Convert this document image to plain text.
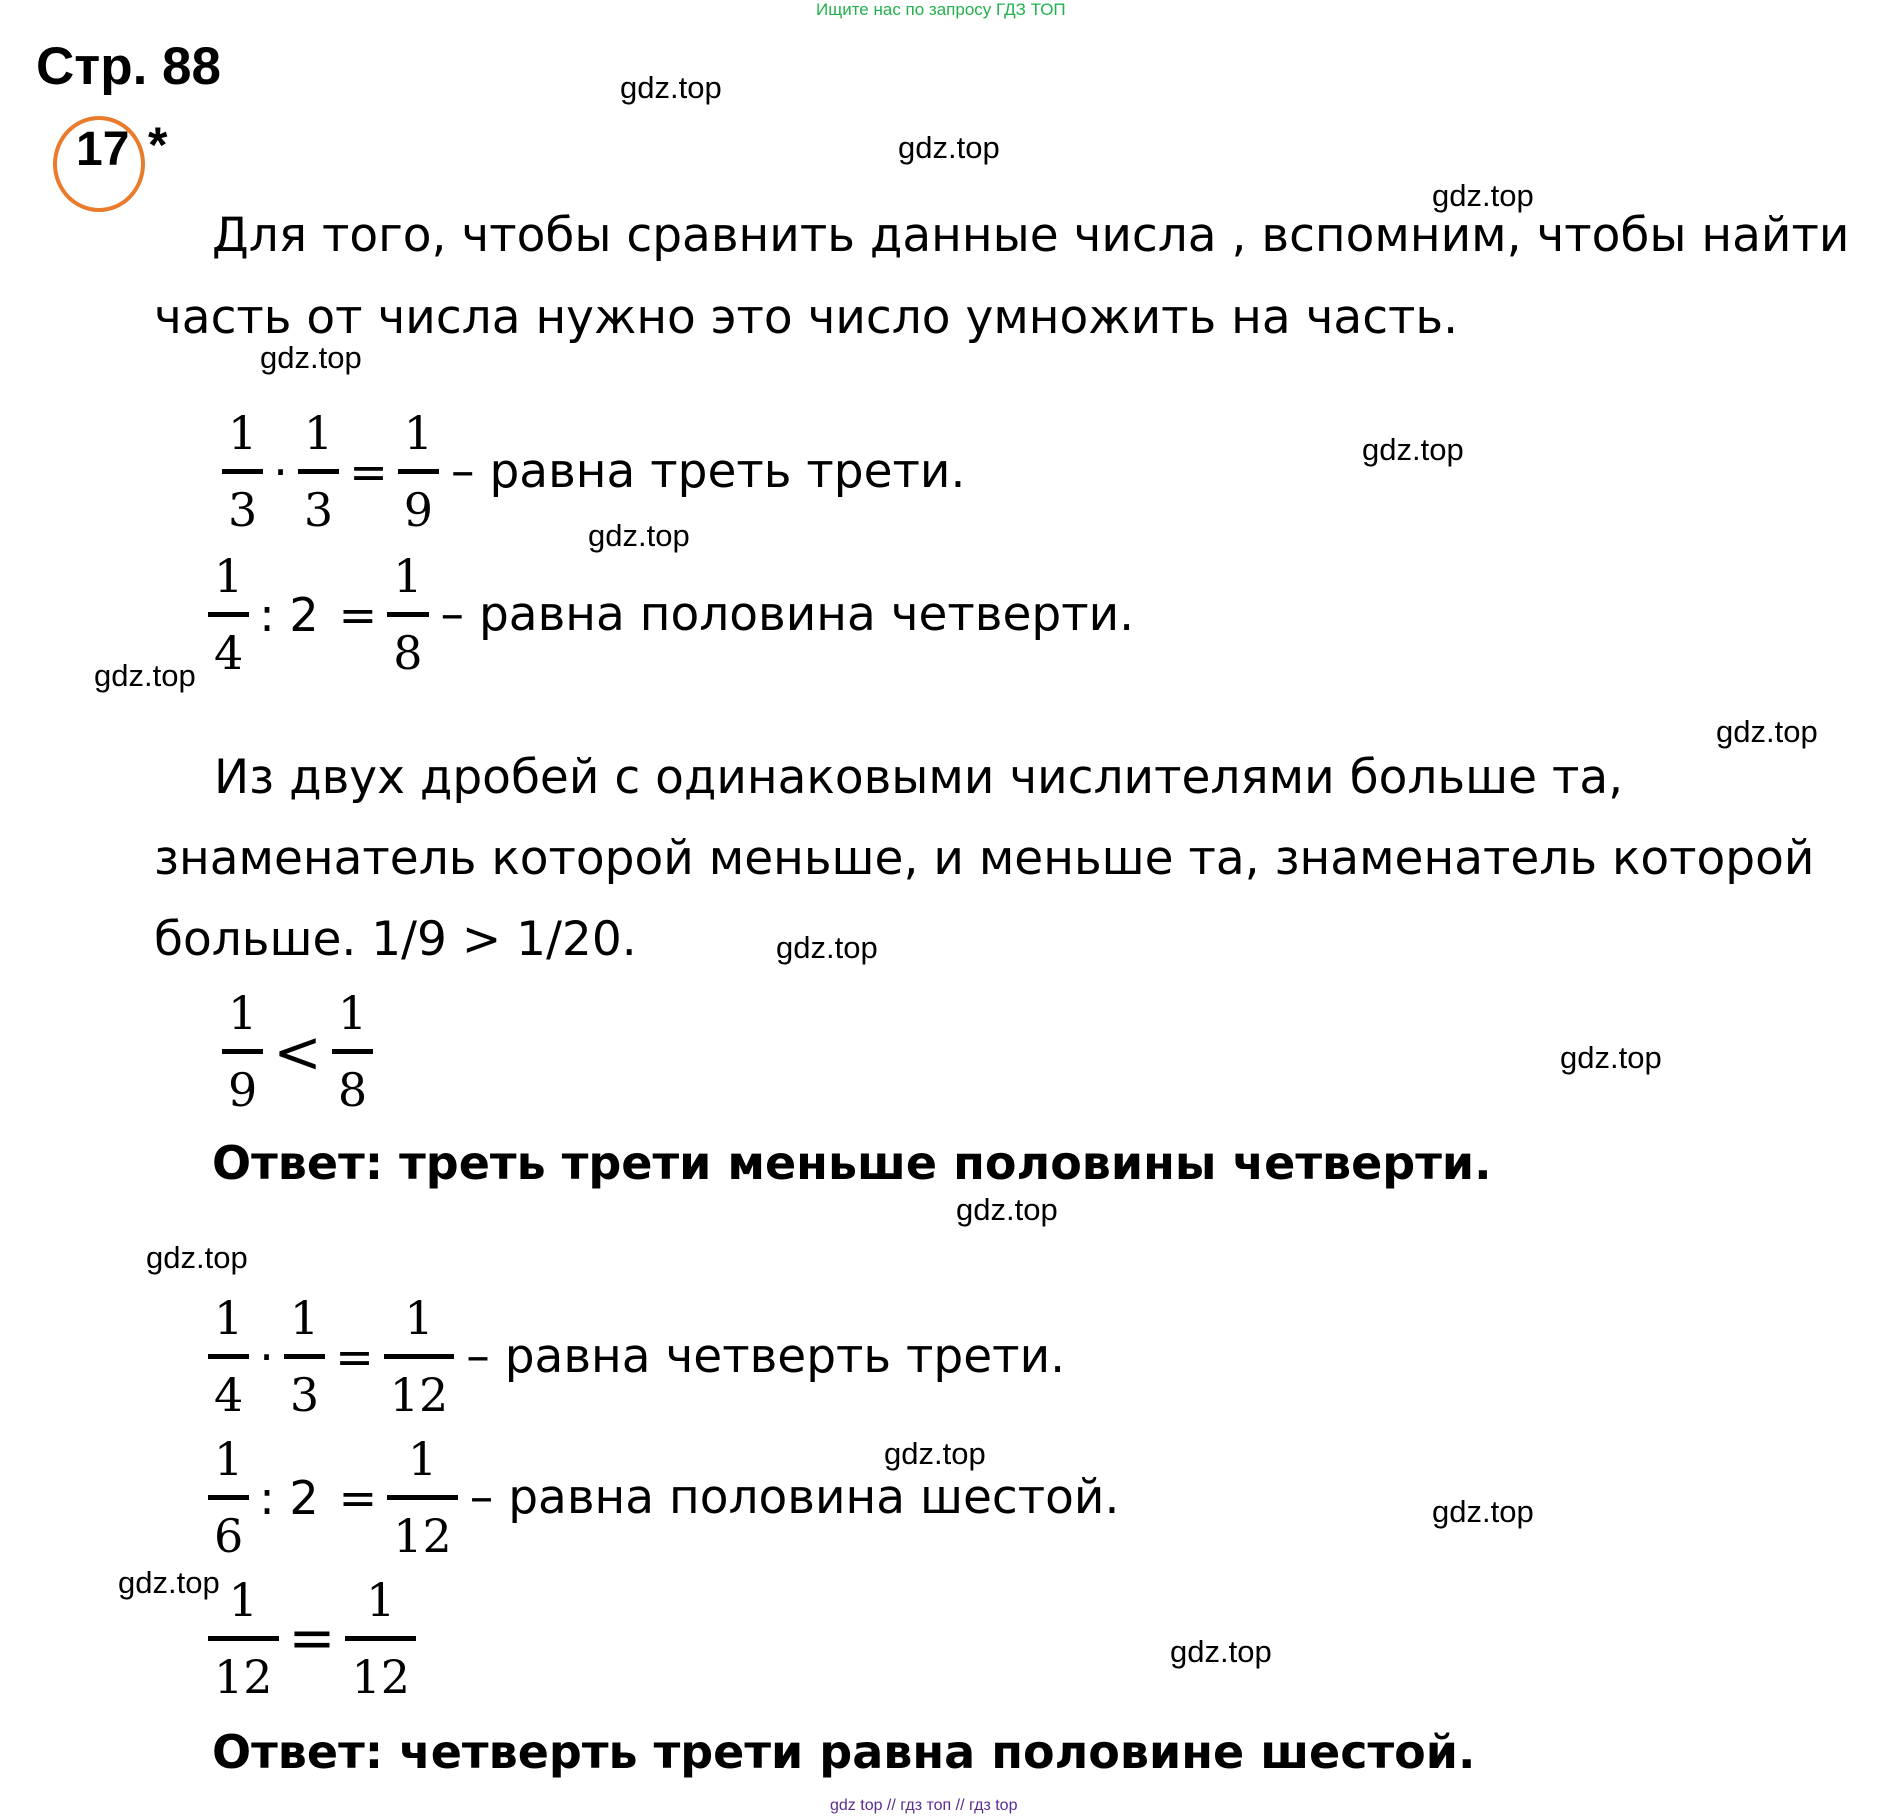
Ищите нас по запросу ГДЗ ТОП
Стр. 88
17 *
Для того, чтобы сравнить данные числа , вспомним, чтобы найти
часть от числа нужно это число умножить на часть.
1
3
·
1
3
=
1
9
– равна треть трети.
1
4
: 2 =
1
8
– равна половина четверти.
Из двух дробей с одинаковыми числителями больше та,
знаменатель которой меньше, и меньше та, знаменатель которой
больше. 1/9 > 1/20.
1
9
<
1
8
Ответ: треть трети меньше половины четверти.
1
4
·
1
3
=
1
12
– равна четверть трети.
1
6
: 2 =
1
12
– равна половина шестой.
1
12
=
1
12
Ответ: четверть трети равна половине шестой.
gdz top // гдз топ // гдз top
gdz.top
gdz.top
gdz.top
gdz.top
gdz.top
gdz.top
gdz.top
gdz.top
gdz.top
gdz.top
gdz.top
gdz.top
gdz.top
gdz.top
gdz.top
gdz.top
